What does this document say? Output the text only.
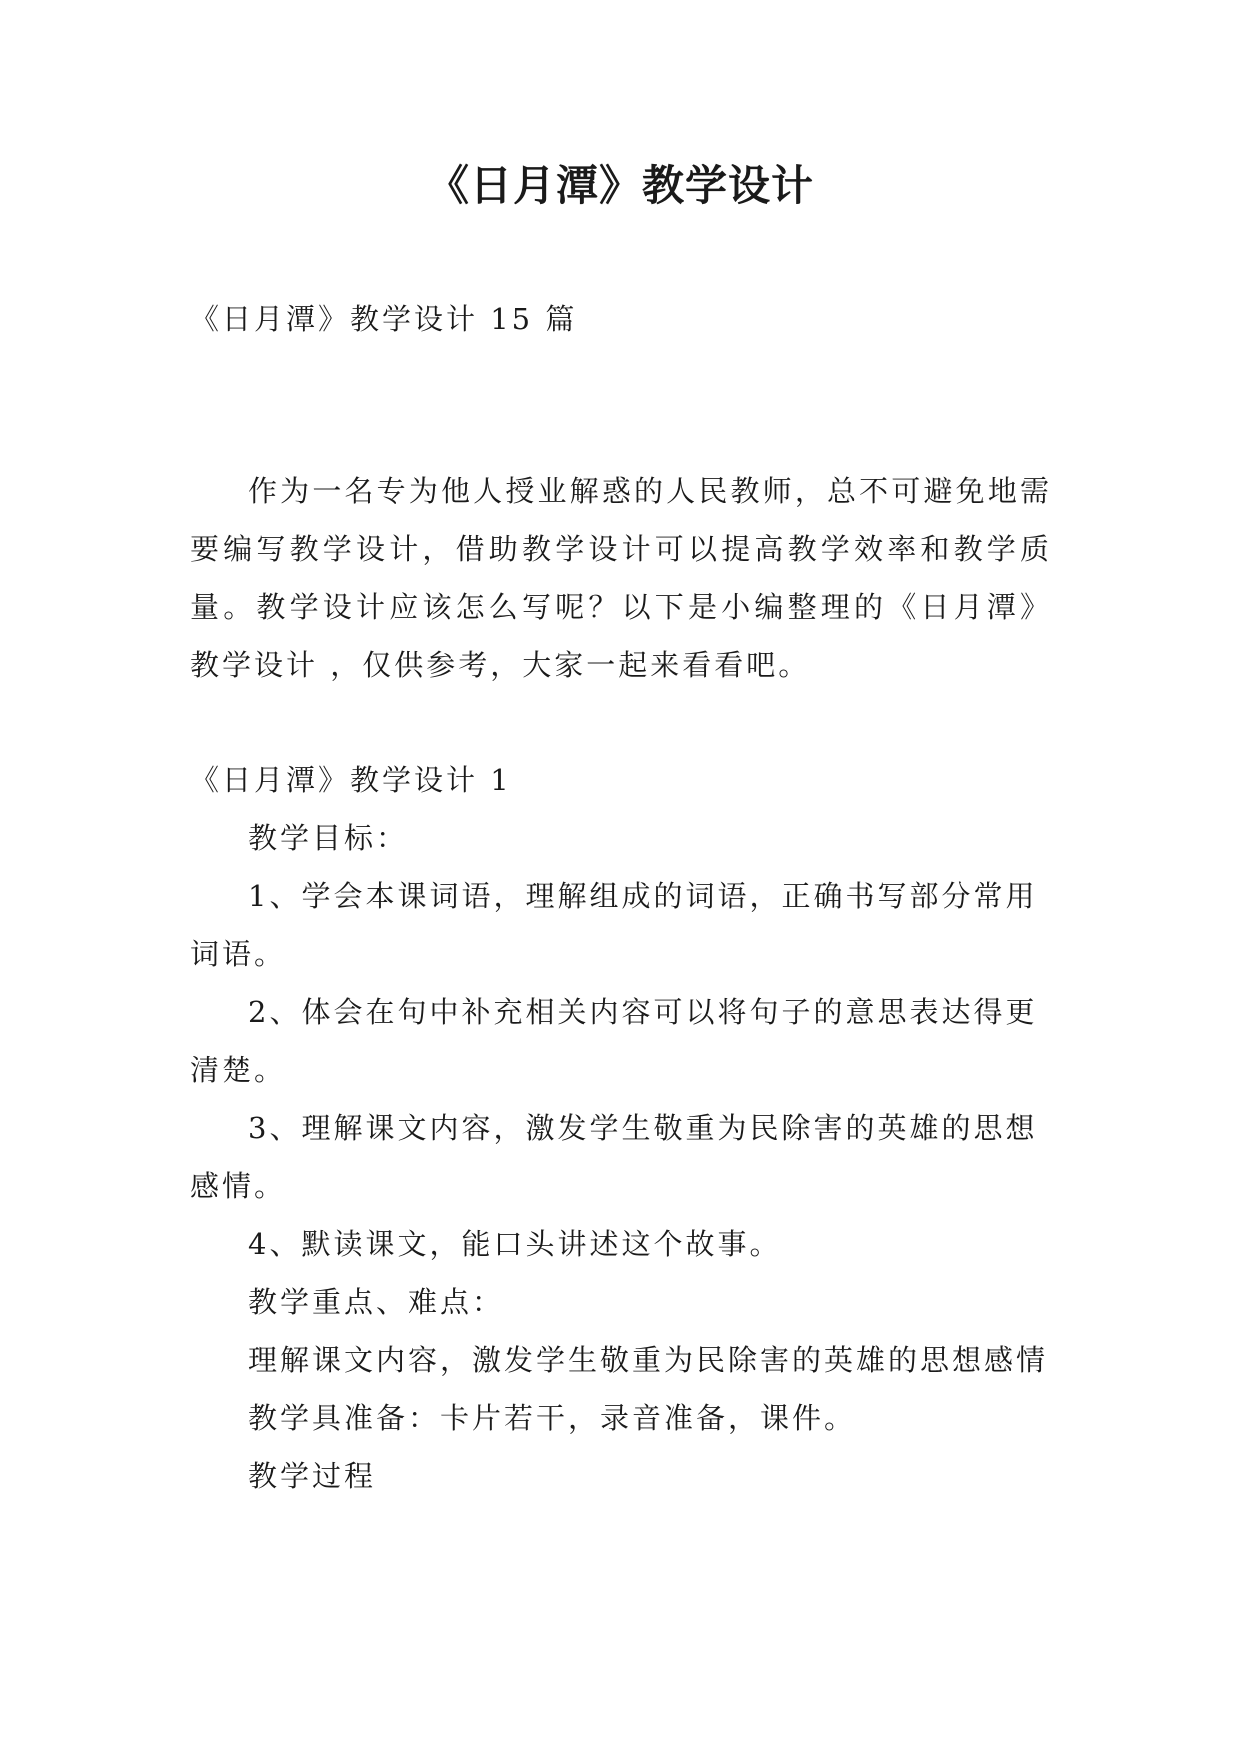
《日月潭》教学设计
《日月潭》教学设计 15 篇

作为一名专为他人授业解惑的人民教师，总不可避免地需要编写教学设计，借助教学设计可以提高教学效率和教学质量。教学设计应该怎么写呢？以下是小编整理的《日月潭》教学设计 ，仅供参考，大家一起来看看吧。

《日月潭》教学设计 1

教学目标：

1、学会本课词语，理解组成的词语，正确书写部分常用词语。

2、体会在句中补充相关内容可以将句子的意思表达得更清楚。

3、理解课文内容，激发学生敬重为民除害的英雄的思想感情。

4、默读课文，能口头讲述这个故事。

教学重点、难点：

理解课文内容，激发学生敬重为民除害的英雄的思想感情

教学具准备：卡片若干，录音准备，课件。

教学过程
